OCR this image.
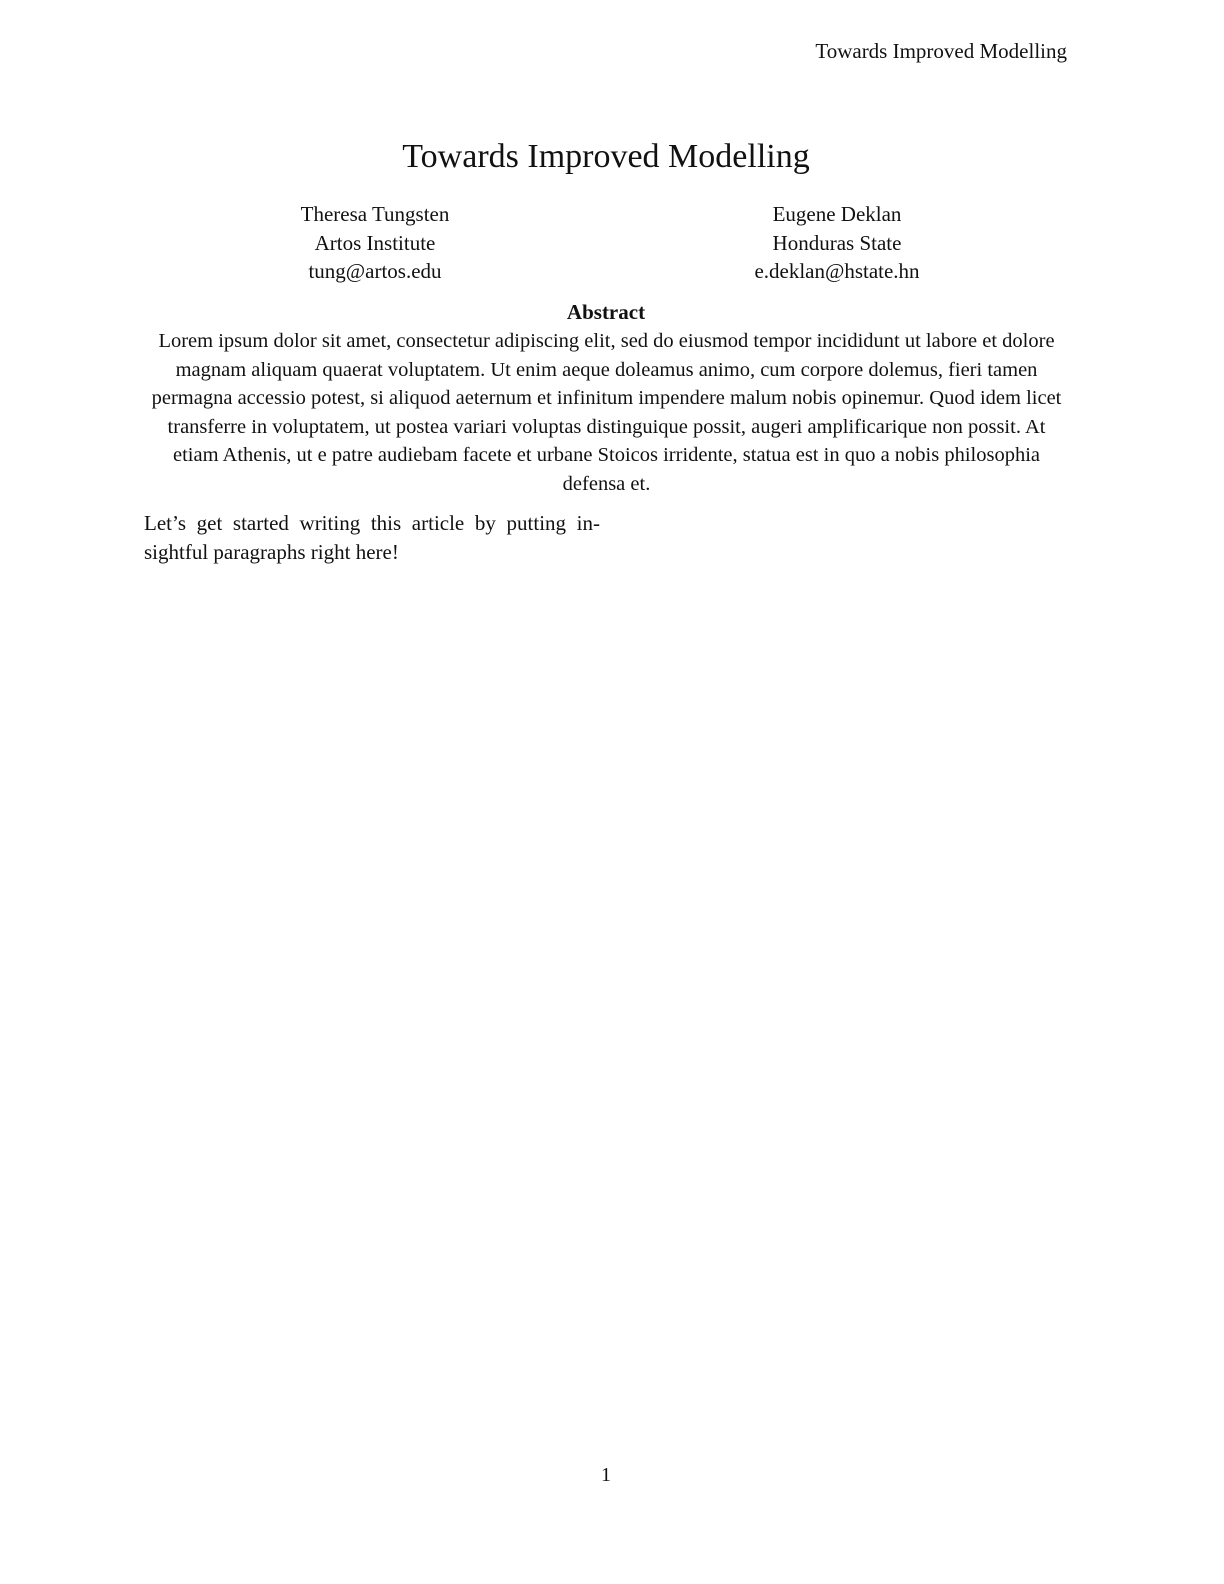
Towards Improved Modelling
Towards Improved Modelling
Theresa Tungsten
Artos Institute
tung@artos.edu
Eugene Deklan
Honduras State
e.deklan@hstate.hn
Abstract
Lorem ipsum dolor sit amet, consectetur adipiscing elit, sed do eiusmod tempor incididunt ut labore et dolore magnam aliquam quaerat voluptatem. Ut enim aeque doleamus animo, cum corpore dolemus, fieri tamen permagna accessio potest, si aliquod aeternum et infinitum impendere malum nobis opinemur. Quod idem licet transferre in voluptatem, ut postea variari voluptas distinguique possit, augeri amplificarique non possit. At etiam Athenis, ut e patre audiebam facete et urbane Stoicos irridente, statua est in quo a nobis philosophia defensa et.
Let’s get started writing this article by putting insightful paragraphs right here!
1
